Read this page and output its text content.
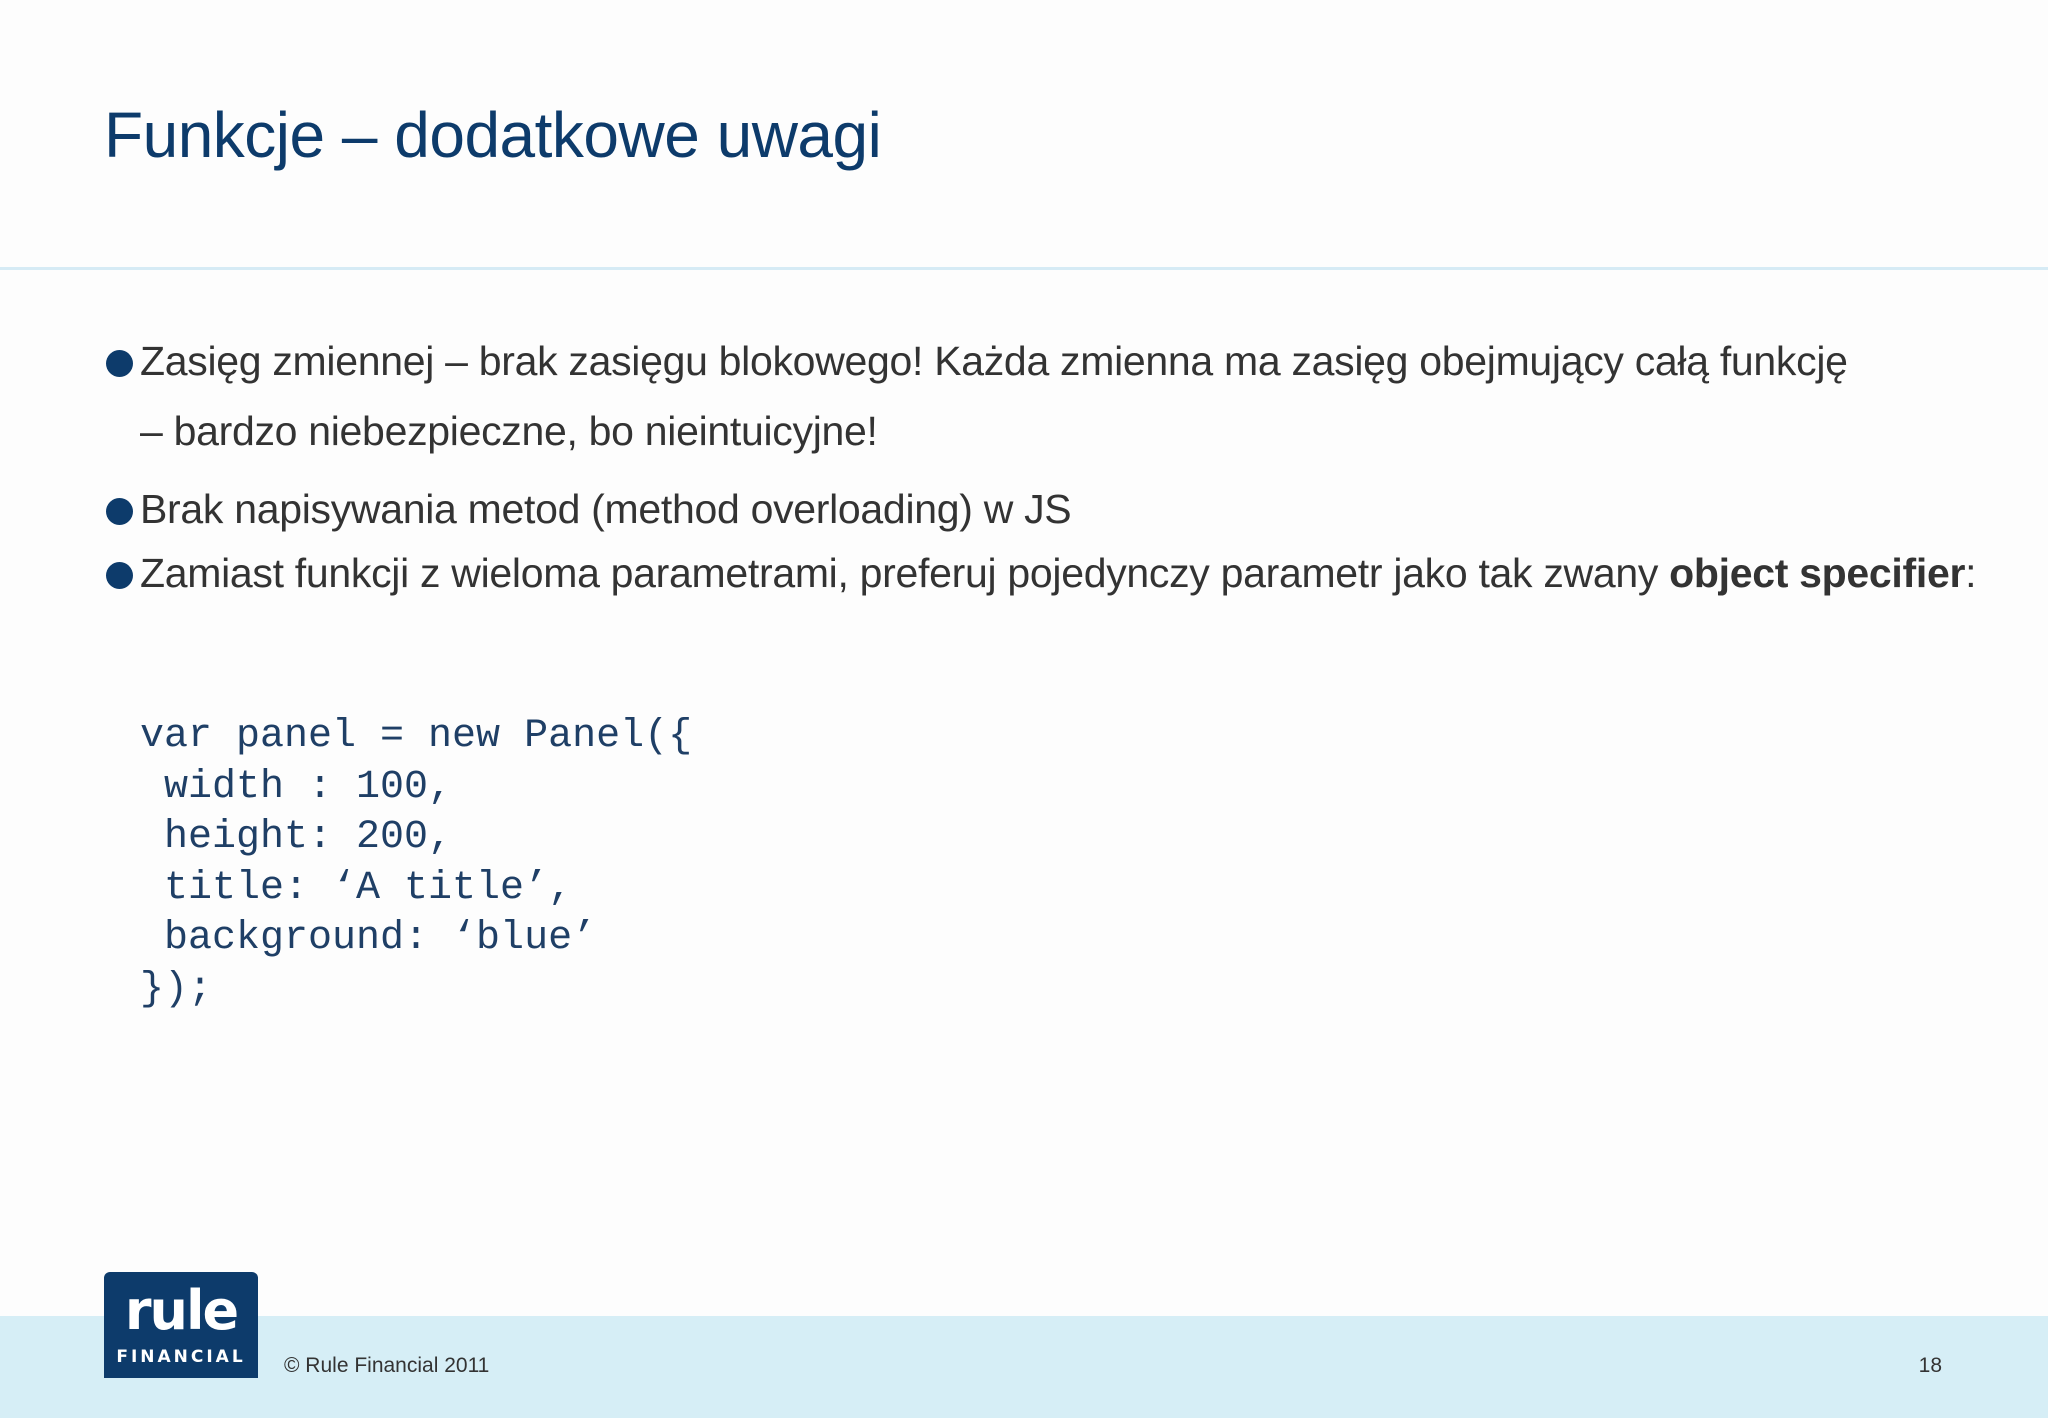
Funkcje – dodatkowe uwagi
Zasięg zmiennej – brak zasięgu blokowego! Każda zmienna ma zasięg obejmujący całą funkcję
– bardzo niebezpieczne, bo nieintuicyjne!
Brak napisywania metod (method overloading) w JS
Zamiast funkcji z wieloma parametrami, preferuj pojedynczy parametr jako tak zwany object specifier:
var panel = new Panel({
width : 100,
height: 200,
title: ‘A title’,
background: ‘blue’
});
rule
FINANCIAL	© Rule Financial 2011	18
